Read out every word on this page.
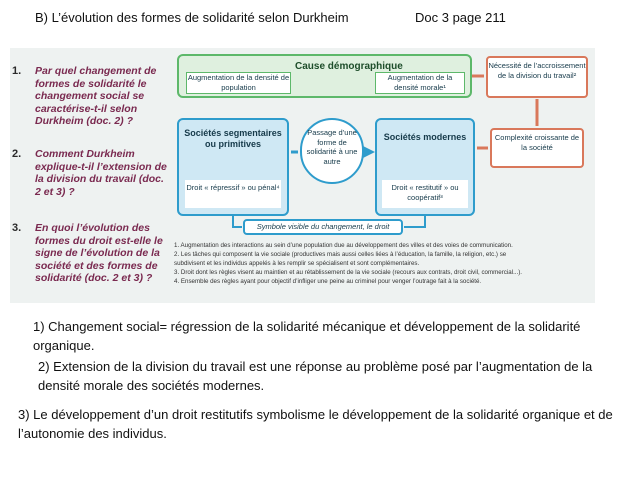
B) L’évolution des formes de solidarité selon Durkheim	Doc 3 page 211
1. Par quel changement de formes de solidarité le changement social se caractérise-t-il selon Durkheim (doc. 2) ?
2. Comment Durkheim explique-t-il l’extension de la division du travail (doc. 2 et 3) ?
3. En quoi l’évolution des formes du droit est-elle le signe de l’évolution de la société et des formes de solidarité (doc. 2 et 3) ?
Cause démographique
Augmentation de la densité de population
Augmentation de la densité morale¹
Nécessité de l’accroissement de la division du travail²
Complexité croissante de la société
Sociétés segmentaires ou primitives
Droit « répressif » ou pénal⁴
Sociétés modernes
Droit « restitutif » ou coopératif³
Passage d’une forme de solidarité à une autre
Symbole visible du changement, le droit
1. Augmentation des interactions au sein d’une population due au développement des villes et des voies de communication.
2. Les tâches qui composent la vie sociale (productives mais aussi celles liées à l’éducation, la famille, la religion, etc.) se
subdivisent et les individus appelés à les remplir se spécialisent et sont complémentaires.
3. Droit dont les règles visent au maintien et au rétablissement de la vie sociale (recours aux contrats, droit civil, commercial...).
4. Ensemble des règles ayant pour objectif d’infliger une peine au criminel pour venger l’outrage fait à la société.
1) Changement social= régression de la solidarité mécanique et développement de la solidarité organique.
2) Extension de la division du travail est une réponse au problème posé par l’augmentation de la densité morale des sociétés modernes.
3) Le développement d’un droit restitutifs symbolisme le développement de la solidarité organique et de l’autonomie des individus.
